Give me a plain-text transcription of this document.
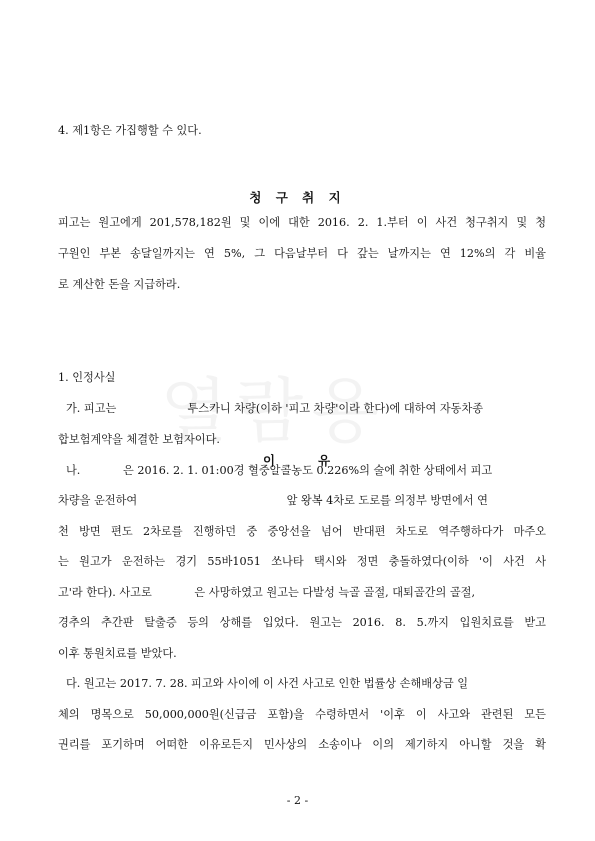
4. 제1항은 가집행할 수 있다.
청 구 취 지
피고는 원고에게 201,578,182원 및 이에 대한 2016. 2. 1.부터 이 사건 청구취지 및 청
구원인 부본 송달일까지는 연 5%, 그 다음날부터 다 갚는 날까지는 연 12%의 각 비율
로 계산한 돈을 지급하라.
이	유
1. 인정사실
가. 피고는                    투스카니 차량(이하 '피고 차량'이라 한다)에 대하여 자동차종
합보험계약을 체결한 보험자이다.
나.            은 2016. 2. 1. 01:00경 혈중알콜농도 0.226%의 술에 취한 상태에서 피고
차량을 운전하여                                          앞 왕복 4차로 도로를 의정부 방면에서 연
천 방면 편도 2차로를 진행하던 중 중앙선을 넘어 반대편 차도로 역주행하다가 마주오
는 원고가 운전하는 경기 55바1051 쏘나타 택시와 정면 충돌하였다(이하 '이 사건 사
고'라 한다). 사고로            은 사망하였고 원고는 다발성 늑골 골절, 대퇴골간의 골절,
경추의 추간판 탈출증 등의 상해를 입었다. 원고는 2016. 8. 5.까지 입원치료를 받고
이후 통원치료를 받았다.
다. 원고는 2017. 7. 28. 피고와 사이에 이 사건 사고로 인한 법률상 손해배상금 일
체의 명목으로 50,000,000원(신급금 포함)을 수령하면서 '이후 이 사고와 관련된 모든
권리를 포기하며 어떠한 이유로든지 민사상의 소송이나 이의 제기하지 아니할 것을 확
- 2 -
